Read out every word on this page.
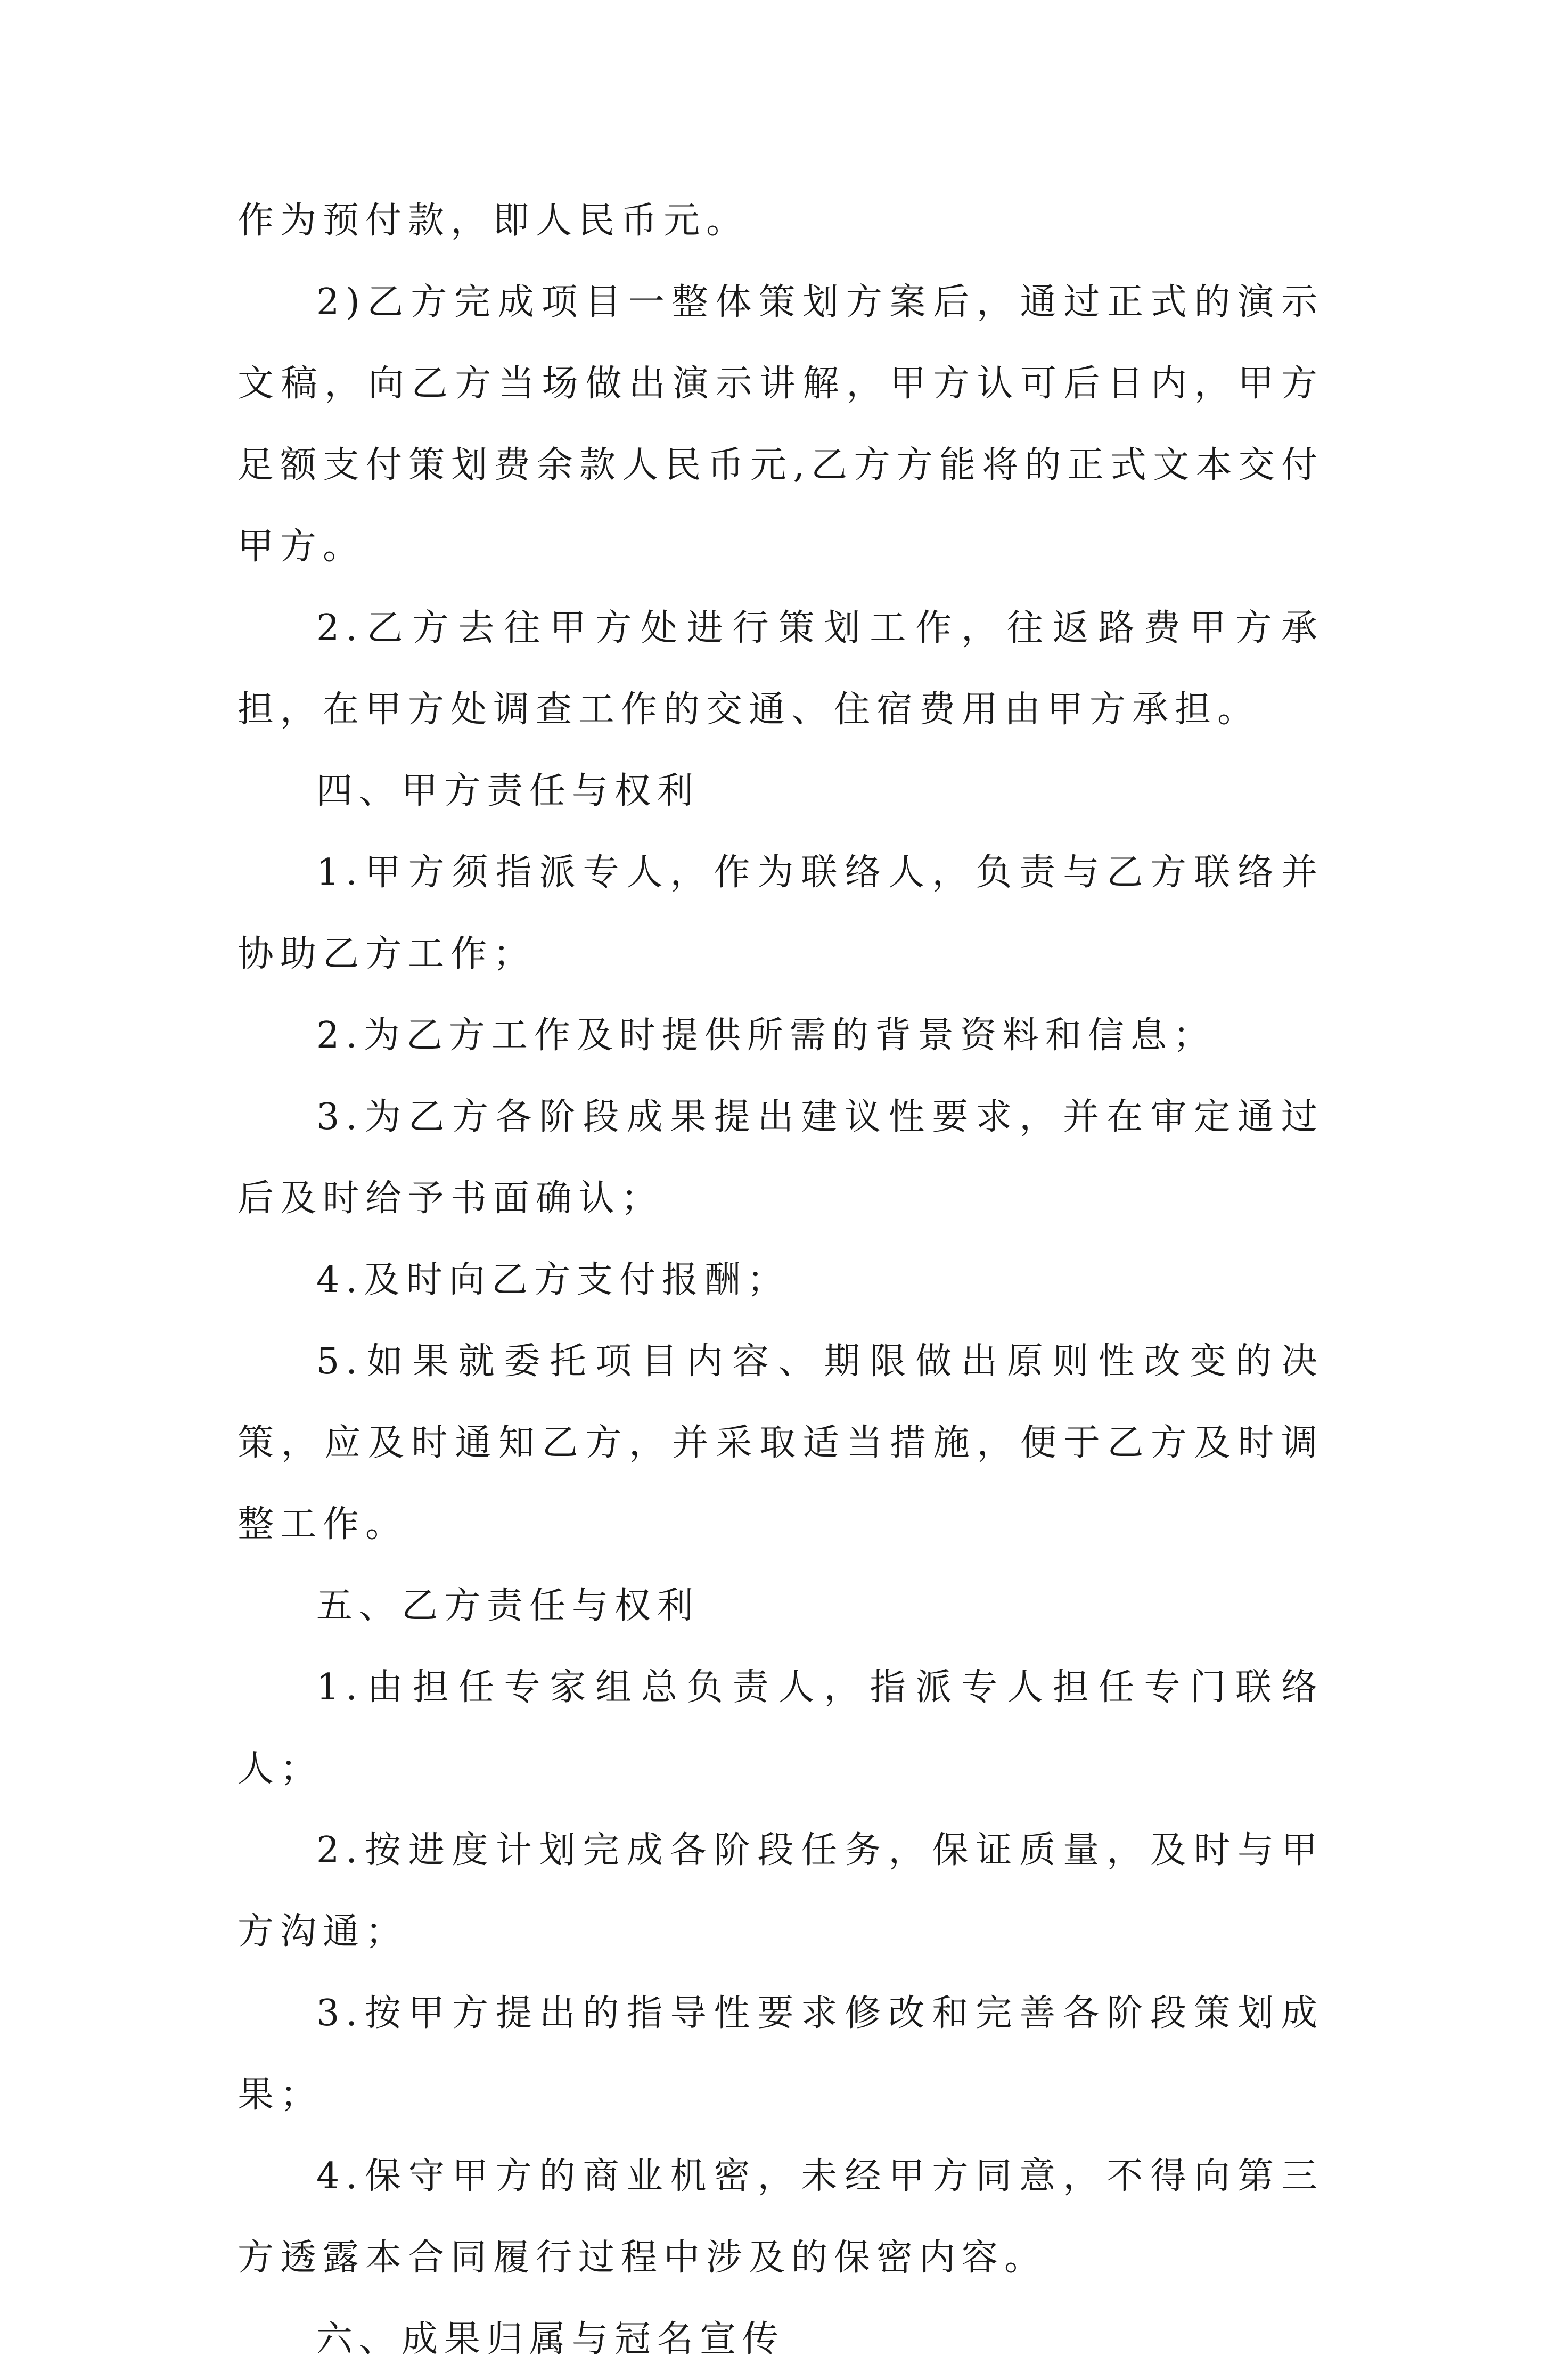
作为预付款，即人民币元。

2)乙方完成项目一整体策划方案后，通过正式的演示文稿，向乙方当场做出演示讲解，甲方认可后日内，甲方足额支付策划费余款人民币元,乙方方能将的正式文本交付甲方。

2.乙方去往甲方处进行策划工作，往返路费甲方承担，在甲方处调查工作的交通、住宿费用由甲方承担。

四、甲方责任与权利

1.甲方须指派专人，作为联络人，负责与乙方联络并协助乙方工作；

2.为乙方工作及时提供所需的背景资料和信息；

3.为乙方各阶段成果提出建议性要求，并在审定通过后及时给予书面确认；

4.及时向乙方支付报酬；

5.如果就委托项目内容、期限做出原则性改变的决策，应及时通知乙方，并采取适当措施，便于乙方及时调整工作。

五、乙方责任与权利

1.由担任专家组总负责人，指派专人担任专门联络人；

2.按进度计划完成各阶段任务，保证质量，及时与甲方沟通；

3.按甲方提出的指导性要求修改和完善各阶段策划成果；

4.保守甲方的商业机密，未经甲方同意，不得向第三方透露本合同履行过程中涉及的保密内容。

六、成果归属与冠名宣传
